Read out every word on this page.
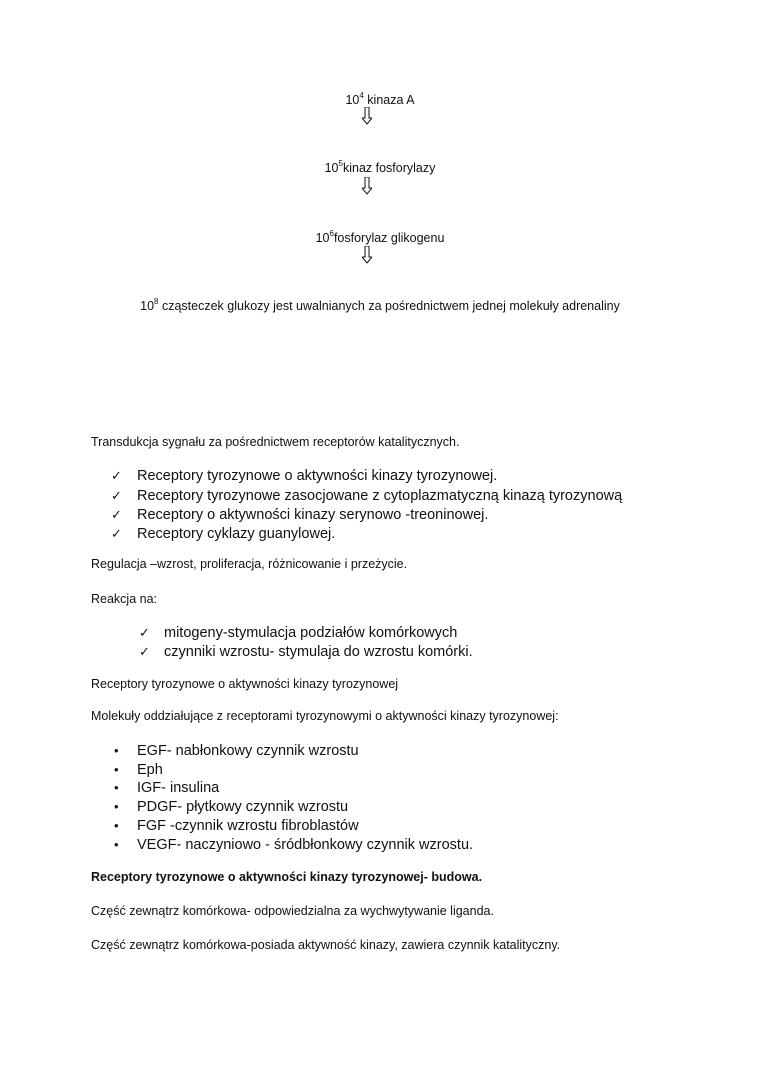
$10^4$ kinaza A
$10^5kinaz$ fosforylazy
$10^6fosforylaz$ glikogenu
$10^8$ cząsteczek glukozy jest uwalnianych za pośrednictwem jednej molekuły adrenaliny
Transdukcja sygnału za pośrednictwem receptorów katalitycznych.
✓ Receptory tyrozynowe o aktywności kinazy tyrozynowej.
✓ Receptory tyrozynowe zasocjowane z cytoplazmatyczną kinazą tyrozynową
✓ Receptory o aktywności kinazy serynowo -treoninowej.
✓ Receptory cyklazy guanylowej.
Regulacja –wzrost, proliferacja, różnicowanie i przeżycie.
Reakcja na:
✓ mitogeny-stymulacja podziałów komórkowych
✓ czynniki wzrostu- stymulaja do wzrostu komórki.
Receptory tyrozynowe o aktywności kinazy tyrozynowej
Molekuły oddziałujące z receptorami tyrozynowymi o aktywności kinazy tyrozynowej:
• EGF- nabłonkowy czynnik wzrostu
• Eph
• IGF- insulina
• PDGF- płytkowy czynnik wzrostu
• FGF -czynnik wzrostu fibroblastów
• VEGF- naczyniowo - śródbłonkowy czynnik wzrostu.
Receptory tyrozynowe o aktywności kinazy tyrozynowej- budowa.
Część zewnątrz komórkowa- odpowiedzialna za wychwytywanie liganda.
Część zewnątrz komórkowa-posiada aktywność kinazy, zawiera czynnik katalityczny.
